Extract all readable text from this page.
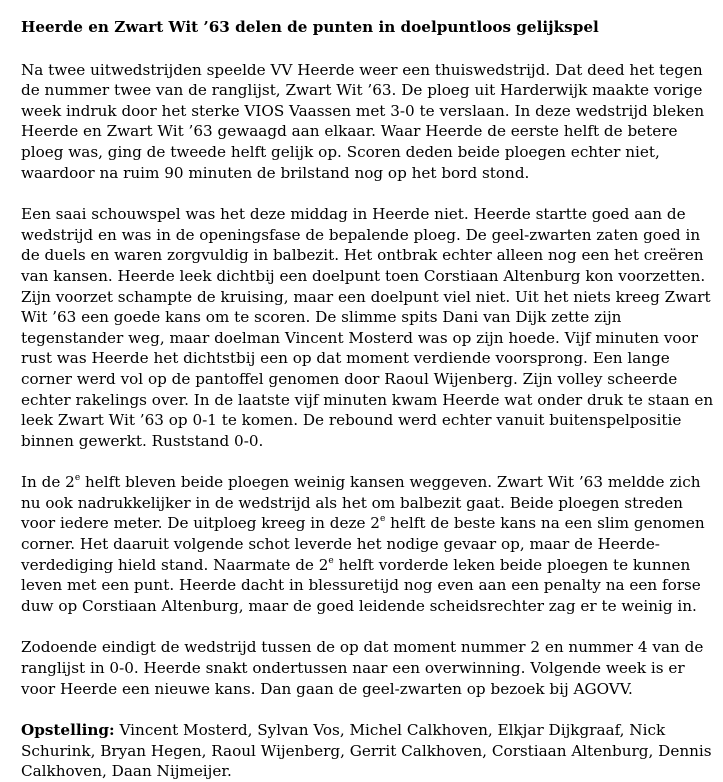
Heerde en Zwart Wit ’63 delen de punten in doelpuntloos gelijkspel

Na twee uitwedstrijden speelde VV Heerde weer een thuiswedstrijd. Dat deed het tegen
de nummer twee van de ranglijst, Zwart Wit ’63. De ploeg uit Harderwijk maakte vorige
week indruk door het sterke VIOS Vaassen met 3-0 te verslaan. In deze wedstrijd bleken
Heerde en Zwart Wit ’63 gewaagd aan elkaar. Waar Heerde de eerste helft de betere
ploeg was, ging de tweede helft gelijk op. Scoren deden beide ploegen echter niet,
waardoor na ruim 90 minuten de brilstand nog op het bord stond.

Een saai schouwspel was het deze middag in Heerde niet. Heerde startte goed aan de
wedstrijd en was in de openingsfase de bepalende ploeg. De geel-zwarten zaten goed in
de duels en waren zorgvuldig in balbezit. Het ontbrak echter alleen nog een het creëren
van kansen. Heerde leek dichtbij een doelpunt toen Corstiaan Altenburg kon voorzetten.
Zijn voorzet schampte de kruising, maar een doelpunt viel niet. Uit het niets kreeg Zwart
Wit ’63 een goede kans om te scoren. De slimme spits Dani van Dijk zette zijn
tegenstander weg, maar doelman Vincent Mosterd was op zijn hoede. Vijf minuten voor
rust was Heerde het dichtstbij een op dat moment verdiende voorsprong. Een lange
corner werd vol op de pantoffel genomen door Raoul Wijenberg. Zijn volley scheerde
echter rakelings over. In de laatste vijf minuten kwam Heerde wat onder druk te staan en
leek Zwart Wit ’63 op 0-1 te komen. De rebound werd echter vanuit buitenspelpositie
binnen gewerkt. Ruststand 0-0.

In de 2e helft bleven beide ploegen weinig kansen weggeven. Zwart Wit ’63 meldde zich
nu ook nadrukkelijker in de wedstrijd als het om balbezit gaat. Beide ploegen streden
voor iedere meter. De uitploeg kreeg in deze 2e helft de beste kans na een slim genomen
corner. Het daaruit volgende schot leverde het nodige gevaar op, maar de Heerde-
verdediging hield stand. Naarmate de 2e helft vorderde leken beide ploegen te kunnen
leven met een punt. Heerde dacht in blessuretijd nog even aan een penalty na een forse
duw op Corstiaan Altenburg, maar de goed leidende scheidsrechter zag er te weinig in.

Zodoende eindigt de wedstrijd tussen de op dat moment nummer 2 en nummer 4 van de
ranglijst in 0-0. Heerde snakt ondertussen naar een overwinning. Volgende week is er
voor Heerde een nieuwe kans. Dan gaan de geel-zwarten op bezoek bij AGOVV.

Opstelling: Vincent Mosterd, Sylvan Vos, Michel Calkhoven, Elkjar Dijkgraaf, Nick
Schurink, Bryan Hegen, Raoul Wijenberg, Gerrit Calkhoven, Corstiaan Altenburg, Dennis
Calkhoven, Daan Nijmeijer.
